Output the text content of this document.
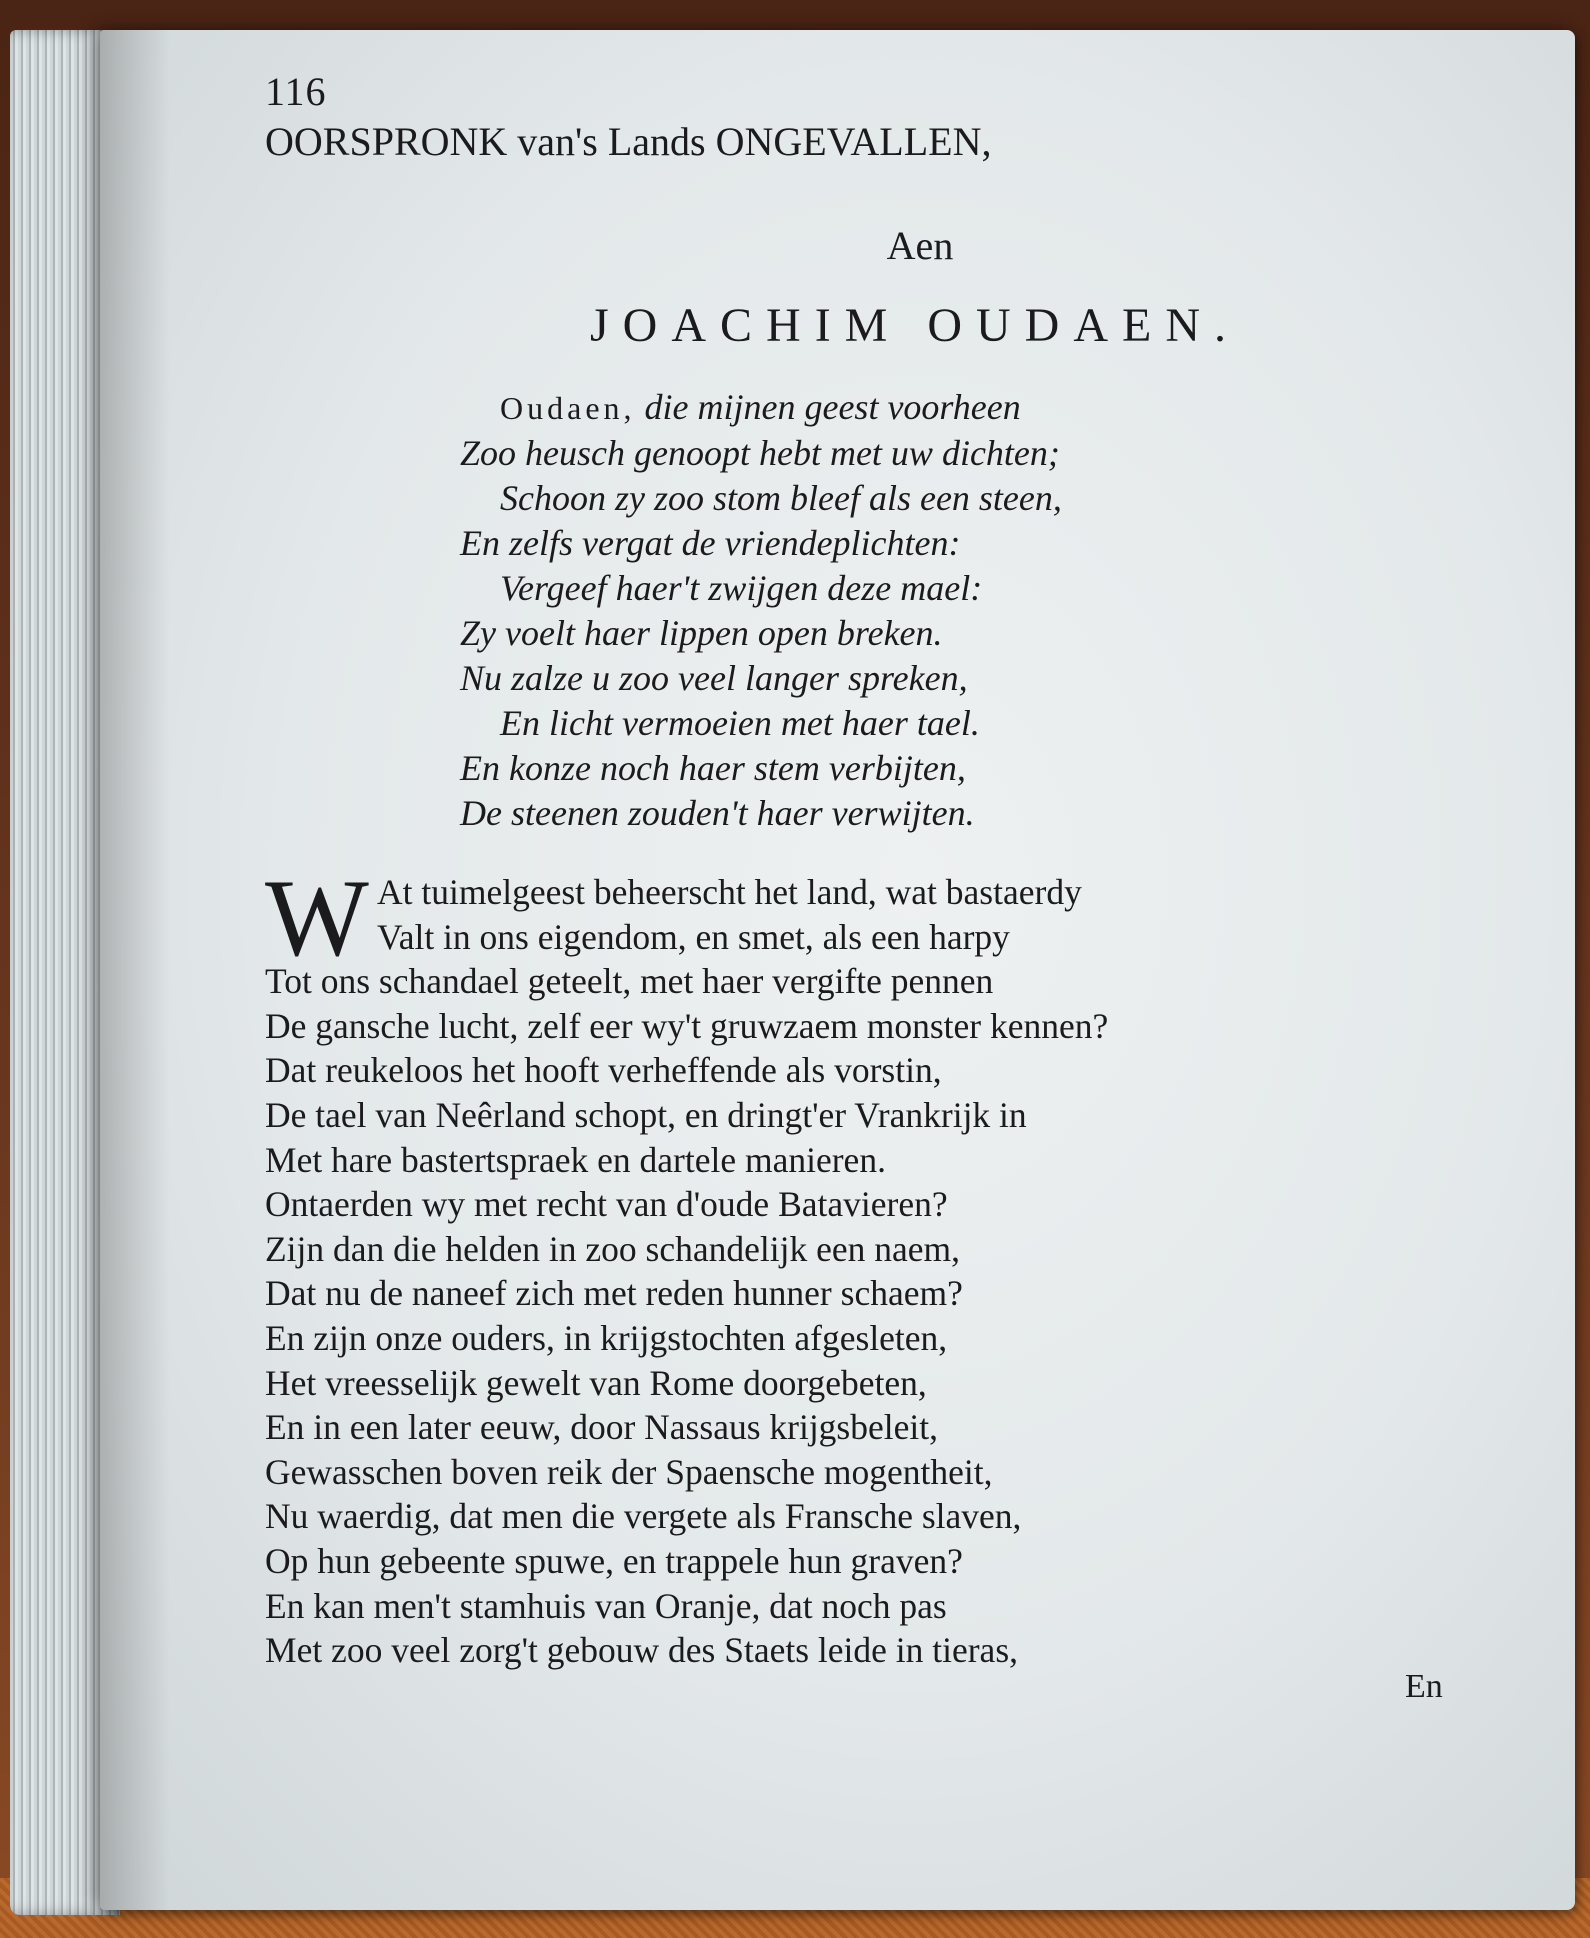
116
OORSPRONK van's Lands ONGEVALLEN,
Aen
JOACHIM OUDAEN.
Oudaen, die mijnen geest voorheen
Zoo heusch genoopt hebt met uw dichten;
Schoon zy zoo stom bleef als een steen,
En zelfs vergat de vriendeplichten:
Vergeef haer't zwijgen deze mael:
Zy voelt haer lippen open breken.
Nu zalze u zoo veel langer spreken,
En licht vermoeien met haer tael.
En konze noch haer stem verbijten,
De steenen zouden't haer verwijten.
W At tuimelgeest beheerscht het land, wat bastaerdy
Valt in ons eigendom, en smet, als een harpy
Tot ons schandael geteelt, met haer vergifte pennen
De gansche lucht, zelf eer wy't gruwzaem monster kennen?
Dat reukeloos het hooft verheffende als vorstin,
De tael van Neêrland schopt, en dringt'er Vrankrijk in
Met hare bastertspraek en dartele manieren.
Ontaerden wy met recht van d'oude Batavieren?
Zijn dan die helden in zoo schandelijk een naem,
Dat nu de naneef zich met reden hunner schaem?
En zijn onze ouders, in krijgstochten afgesleten,
Het vreesselijk gewelt van Rome doorgebeten,
En in een later eeuw, door Nassaus krijgsbeleit,
Gewasschen boven reik der Spaensche mogentheit,
Nu waerdig, dat men die vergete als Fransche slaven,
Op hun gebeente spuwe, en trappele hun graven?
En kan men't stamhuis van Oranje, dat noch pas
Met zoo veel zorg't gebouw des Staets leide in tieras,
En
